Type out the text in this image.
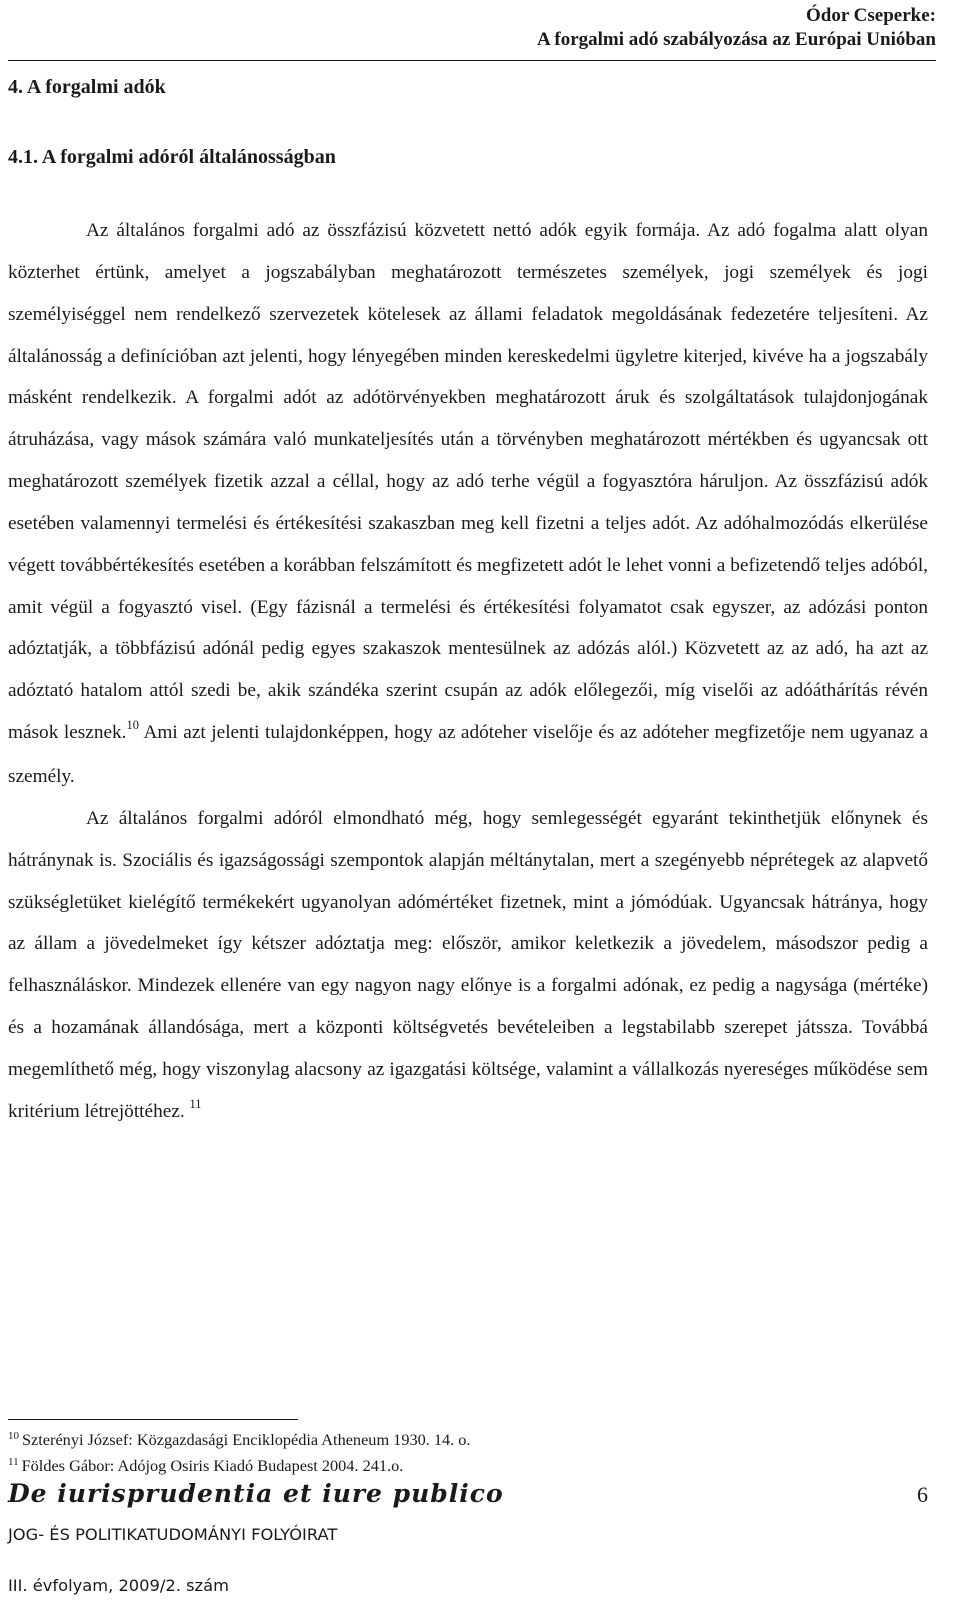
Ódor Cseperke:
A forgalmi adó szabályozása az Európai Unióban
4. A forgalmi adók
4.1. A forgalmi adóról általánosságban

Az általános forgalmi adó az összfázisú közvetett nettó adók egyik formája. Az adó fogalma alatt olyan közterhet értünk, amelyet a jogszabályban meghatározott természetes személyek, jogi személyek és jogi személyiséggel nem rendelkező szervezetek kötelesek az állami feladatok megoldásának fedezetére teljesíteni. Az általánosság a definícióban azt jelenti, hogy lényegében minden kereskedelmi ügyletre kiterjed, kivéve ha a jogszabály másként rendelkezik. A forgalmi adót az adótörvényekben meghatározott áruk és szolgáltatások tulajdonjogának átruházása, vagy mások számára való munkateljesítés után a törvényben meghatározott mértékben és ugyancsak ott meghatározott személyek fizetik azzal a céllal, hogy az adó terhe végül a fogyasztóra háruljon. Az összfázisú adók esetében valamennyi termelési és értékesítési szakaszban meg kell fizetni a teljes adót. Az adóhalmozódás elkerülése végett továbbértékesítés esetében a korábban felszámított és megfizetett adót le lehet vonni a befizetendő teljes adóból, amit végül a fogyasztó visel. (Egy fázisnál a termelési és értékesítési folyamatot csak egyszer, az adózási ponton adóztatják, a többfázisú adónál pedig egyes szakaszok mentesülnek az adózás alól.) Közvetett az az adó, ha azt az adóztató hatalom attól szedi be, akik szándéka szerint csupán az adók előlegezői, míg viselői az adóáthárítás révén mások lesznek.$^{10}$ Ami azt jelenti tulajdonképpen, hogy az adóteher viselője és az adóteher megfizetője nem ugyanaz a személy.

Az általános forgalmi adóról elmondható még, hogy semlegességét egyaránt tekinthetjük előnynek és hátránynak is. Szociális és igazságossági szempontok alapján méltánytalan, mert a szegényebb néprétegek az alapvető szükségletüket kielégítő termékekért ugyanolyan adómértéket fizetnek, mint a jómódúak. Ugyancsak hátránya, hogy az állam a jövedelmeket így kétszer adóztatja meg: először, amikor keletkezik a jövedelem, másodszor pedig a felhasználáskor. Mindezek ellenére van egy nagyon nagy előnye is a forgalmi adónak, ez pedig a nagysága (mértéke) és a hozamának állandósága, mert a központi költségvetés bevételeiben a legstabilabb szerepet játssza. Továbbá megemlíthető még, hogy viszonylag alacsony az igazgatási költsége, valamint a vállalkozás nyereséges működése sem kritérium létrejöttéhez. $^{11}$

$^{10}$ Szterényi József: Közgazdasági Enciklopédia Atheneum 1930. 14. o.
$^{11}$ Földes Gábor: Adójog Osiris Kiadó Budapest 2004. 241.o.
De iurisprudentia et iure publico	6
JOG- ÉS POLITIKATUDOMÁNYI FOLYÓIRAT
III. évfolyam, 2009/2. szám
